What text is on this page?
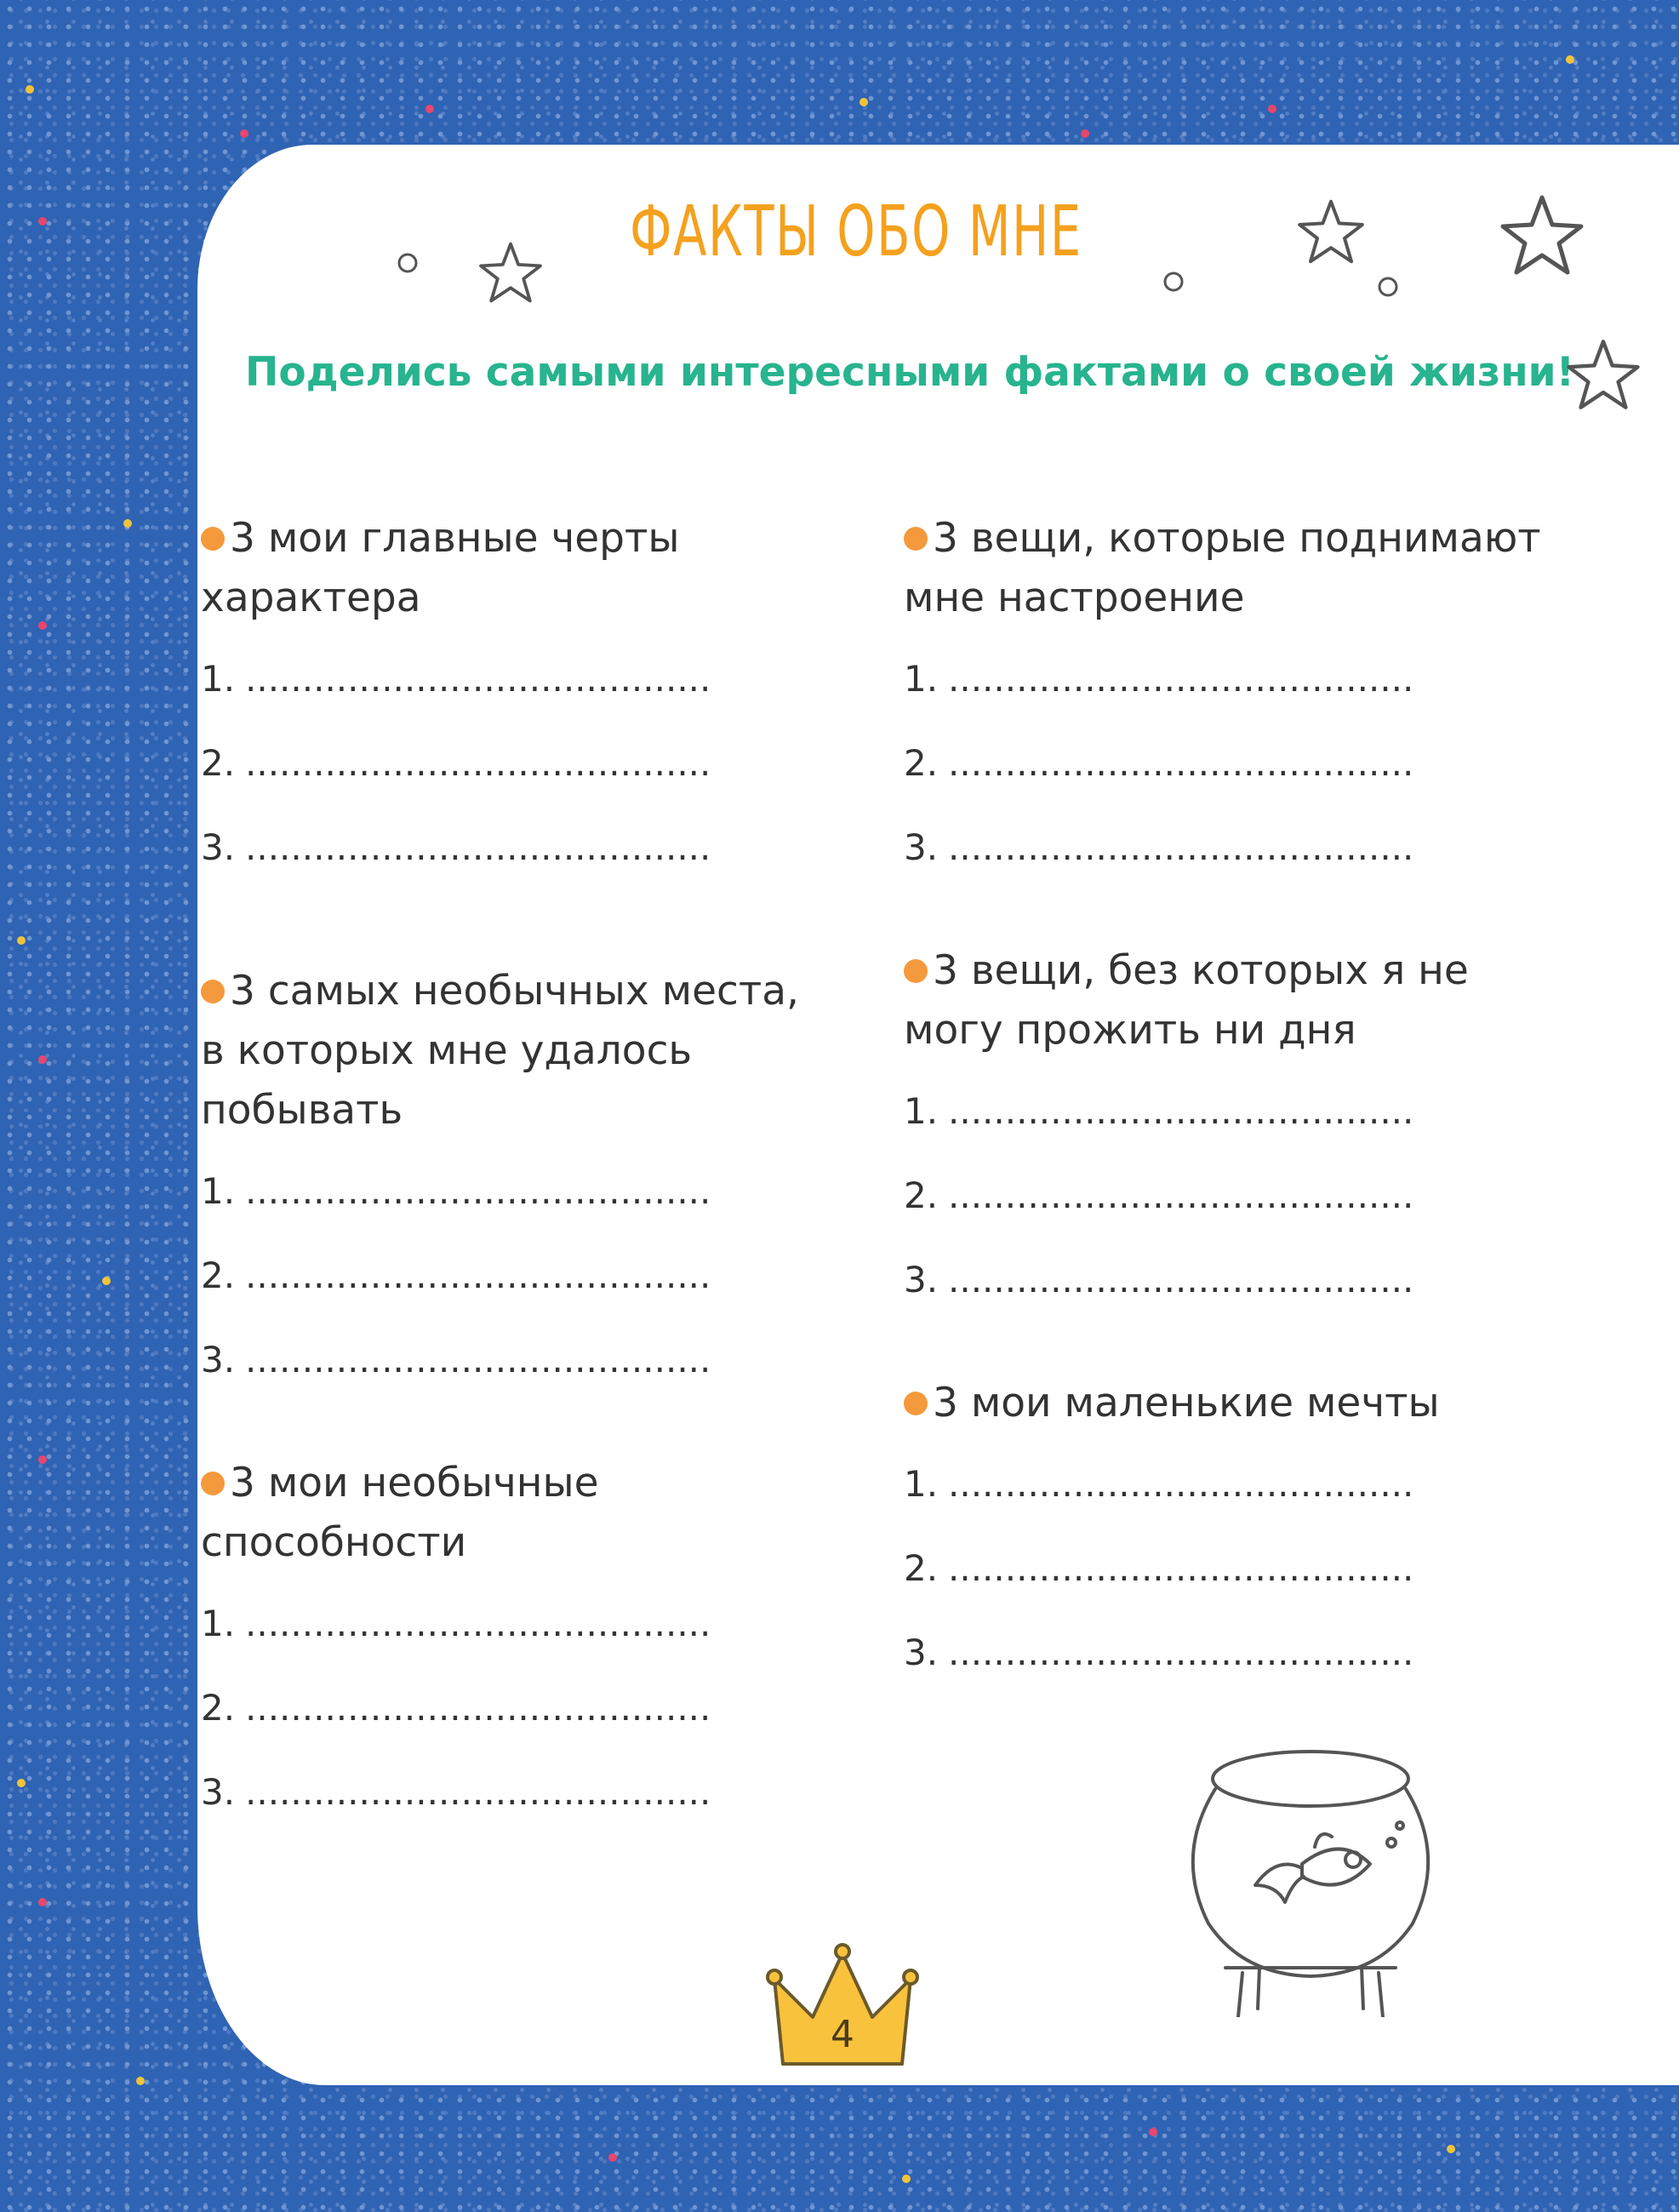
ФАКТЫ ОБО МНЕ
Поделись самыми интересными фактами о своей жизни!
3 мои главные черты характера
1. .........................................
2. .........................................
3. .........................................
3 самых необычных места, в которых мне удалось побывать
1. .........................................
2. .........................................
3. .........................................
3 мои необычные способности
1. .........................................
2. .........................................
3. .........................................
3 вещи, которые поднимают мне настроение
1. .........................................
2. .........................................
3. .........................................
3 вещи, без которых я не могу прожить ни дня
1. .........................................
2. .........................................
3. .........................................
3 мои маленькие мечты
1. .........................................
2. .........................................
3. .........................................
4
